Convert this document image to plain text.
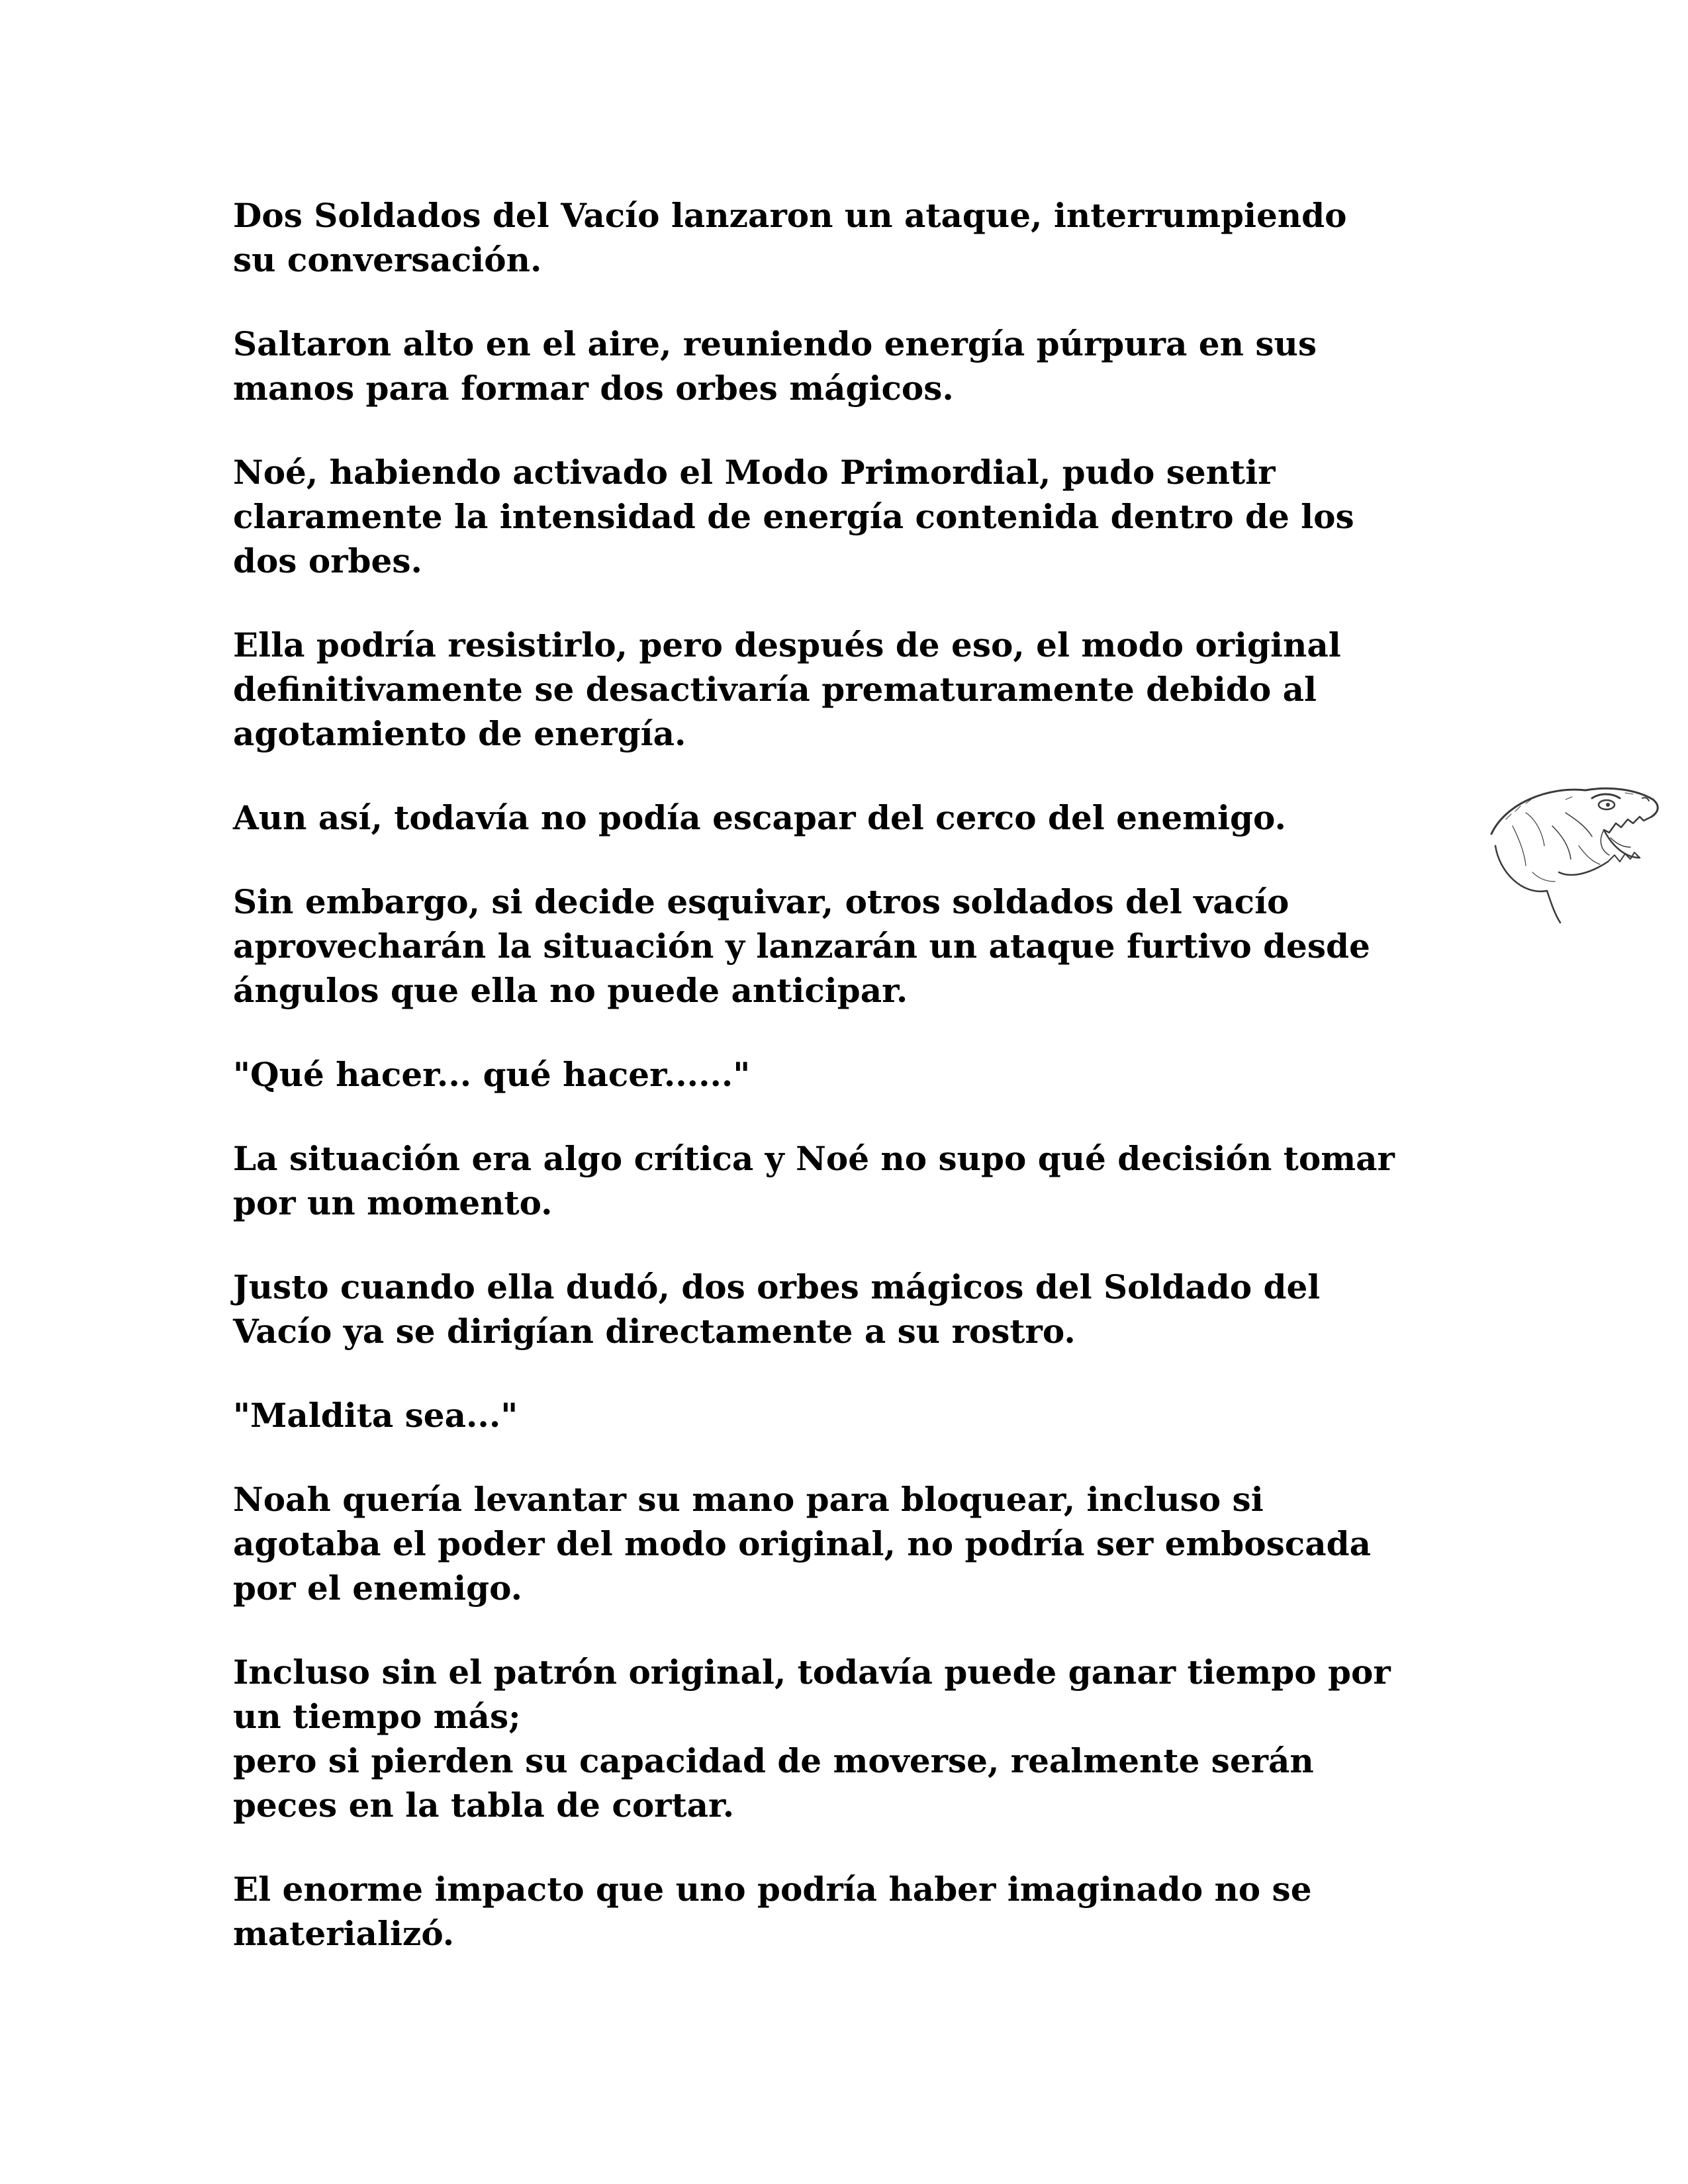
Dos Soldados del Vacío lanzaron un ataque, interrumpiendo
su conversación.

Saltaron alto en el aire, reuniendo energía púrpura en sus
manos para formar dos orbes mágicos.

Noé, habiendo activado el Modo Primordial, pudo sentir
claramente la intensidad de energía contenida dentro de los
dos orbes.

Ella podría resistirlo, pero después de eso, el modo original
definitivamente se desactivaría prematuramente debido al
agotamiento de energía.

Aun así, todavía no podía escapar del cerco del enemigo.

Sin embargo, si decide esquivar, otros soldados del vacío
aprovecharán la situación y lanzarán un ataque furtivo desde
ángulos que ella no puede anticipar.

"Qué hacer... qué hacer......"

La situación era algo crítica y Noé no supo qué decisión tomar
por un momento.

Justo cuando ella dudó, dos orbes mágicos del Soldado del
Vacío ya se dirigían directamente a su rostro.

"Maldita sea..."

Noah quería levantar su mano para bloquear, incluso si
agotaba el poder del modo original, no podría ser emboscada
por el enemigo.

Incluso sin el patrón original, todavía puede ganar tiempo por
un tiempo más;
pero si pierden su capacidad de moverse, realmente serán
peces en la tabla de cortar.

El enorme impacto que uno podría haber imaginado no se
materializó.
